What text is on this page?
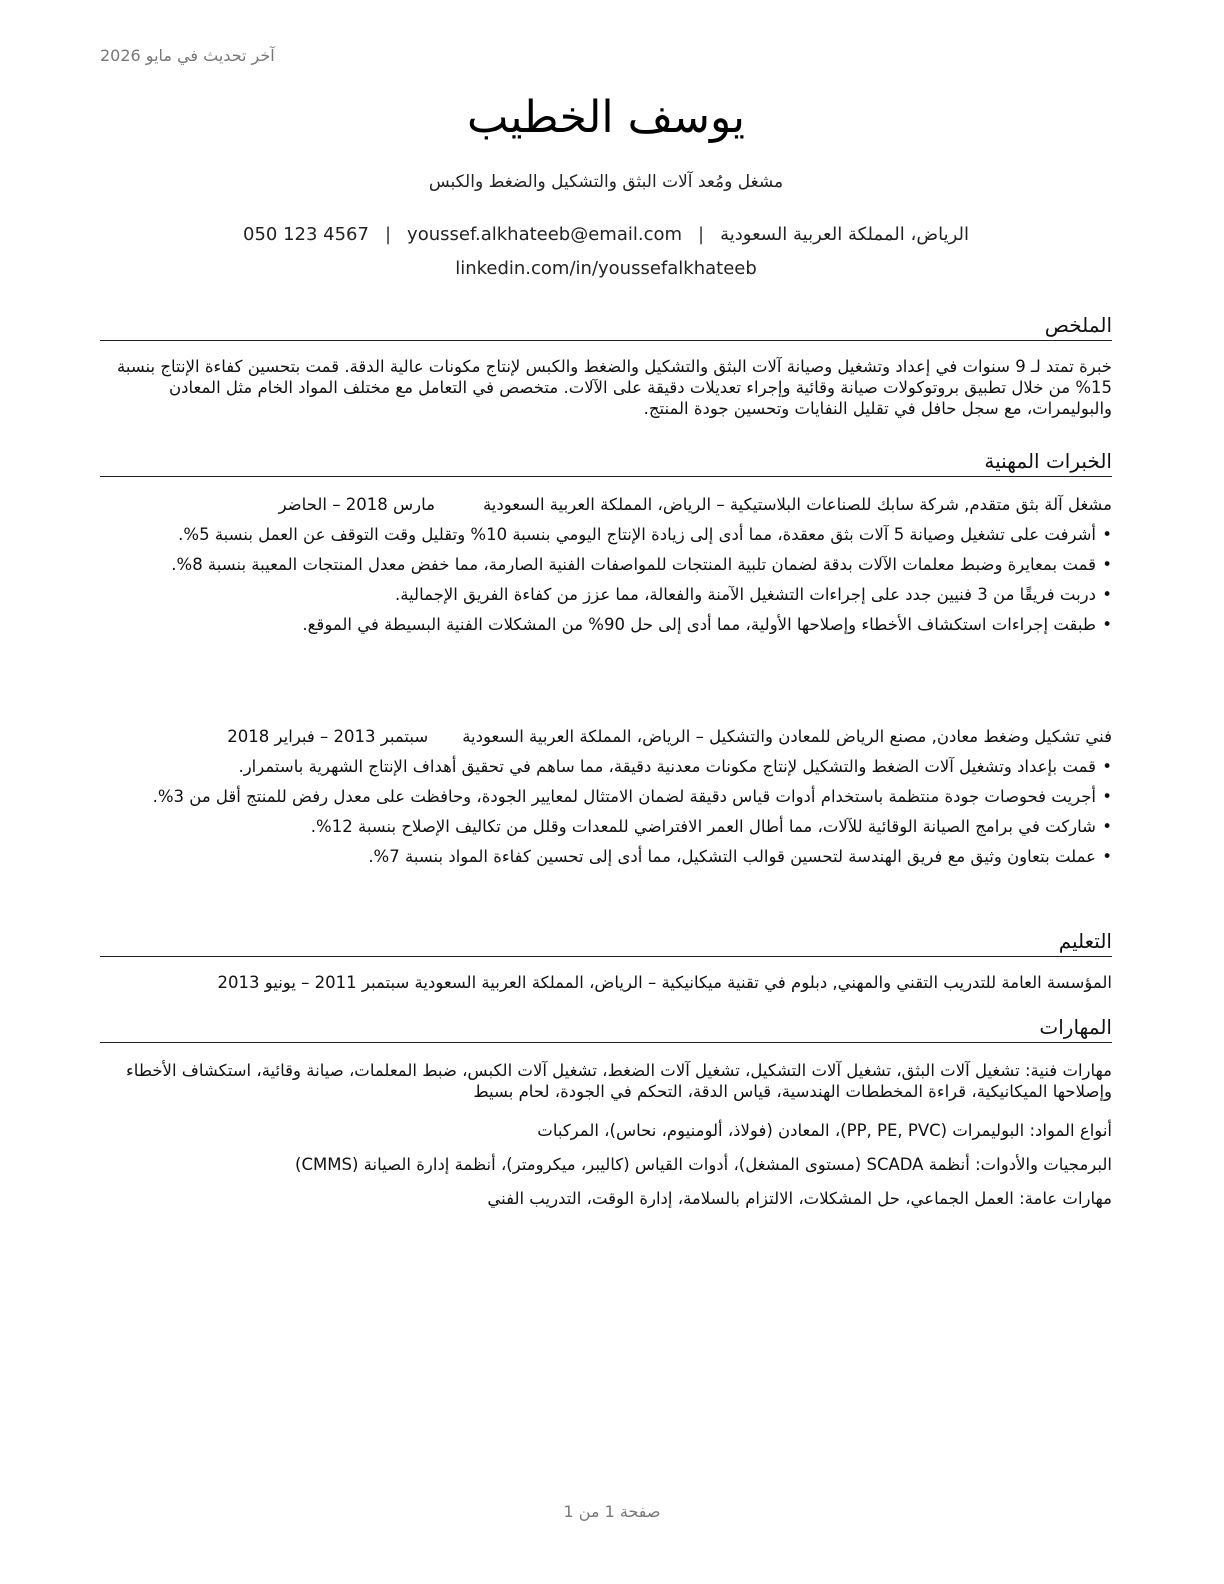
آخر تحديث في مايو 2026
يوسف الخطيب
مشغل ومُعد آلات البثق والتشكيل والضغط والكبس
الرياض، المملكة العربية السعودية|youssef.alkhateeb@email.com|050 123 4567
linkedin.com/in/youssefalkhateeb
الملخص
خبرة تمتد لـ 9 سنوات في إعداد وتشغيل وصيانة آلات البثق والتشكيل والضغط والكبس لإنتاج مكونات عالية الدقة. قمت بتحسين كفاءة الإنتاج بنسبة 15% من خلال تطبيق بروتوكولات صيانة وقائية وإجراء تعديلات دقيقة على الآلات. متخصص في التعامل مع مختلف المواد الخام مثل المعادن والبوليمرات، مع سجل حافل في تقليل النفايات وتحسين جودة المنتج.
الخبرات المهنية
مشغل آلة بثق متقدم, شركة سابك للصناعات البلاستيكية – الرياض، المملكة العربية السعودية
مارس 2018 – الحاضر
• أشرفت على تشغيل وصيانة 5 آلات بثق معقدة، مما أدى إلى زيادة الإنتاج اليومي بنسبة 10% وتقليل وقت التوقف عن العمل بنسبة 5%.
• قمت بمعايرة وضبط معلمات الآلات بدقة لضمان تلبية المنتجات للمواصفات الفنية الصارمة، مما خفض معدل المنتجات المعيبة بنسبة 8%.
• دربت فريقًا من 3 فنيين جدد على إجراءات التشغيل الآمنة والفعالة، مما عزز من كفاءة الفريق الإجمالية.
• طبقت إجراءات استكشاف الأخطاء وإصلاحها الأولية، مما أدى إلى حل 90% من المشكلات الفنية البسيطة في الموقع.
فني تشكيل وضغط معادن, مصنع الرياض للمعادن والتشكيل – الرياض، المملكة العربية السعودية
سبتمبر 2013 – فبراير 2018
• قمت بإعداد وتشغيل آلات الضغط والتشكيل لإنتاج مكونات معدنية دقيقة، مما ساهم في تحقيق أهداف الإنتاج الشهرية باستمرار.
• أجريت فحوصات جودة منتظمة باستخدام أدوات قياس دقيقة لضمان الامتثال لمعايير الجودة، وحافظت على معدل رفض للمنتج أقل من 3%.
• شاركت في برامج الصيانة الوقائية للآلات، مما أطال العمر الافتراضي للمعدات وقلل من تكاليف الإصلاح بنسبة 12%.
• عملت بتعاون وثيق مع فريق الهندسة لتحسين قوالب التشكيل، مما أدى إلى تحسين كفاءة المواد بنسبة 7%.
التعليم
المؤسسة العامة للتدريب التقني والمهني, دبلوم في تقنية ميكانيكية – الرياض، المملكة العربية السعودية سبتمبر 2011 – يونيو 2013
المهارات
مهارات فنية: تشغيل آلات البثق، تشغيل آلات التشكيل، تشغيل آلات الضغط، تشغيل آلات الكبس، ضبط المعلمات، صيانة وقائية، استكشاف الأخطاء وإصلاحها الميكانيكية، قراءة المخططات الهندسية، قياس الدقة، التحكم في الجودة، لحام بسيط
أنواع المواد: البوليمرات (PP, PE, PVC)، المعادن (فولاذ، ألومنيوم، نحاس)، المركبات
البرمجيات والأدوات: أنظمة SCADA (مستوى المشغل)، أدوات القياس (كاليبر، ميكرومتر)، أنظمة إدارة الصيانة (CMMS)
مهارات عامة: العمل الجماعي، حل المشكلات، الالتزام بالسلامة، إدارة الوقت، التدريب الفني
صفحة 1 من 1
